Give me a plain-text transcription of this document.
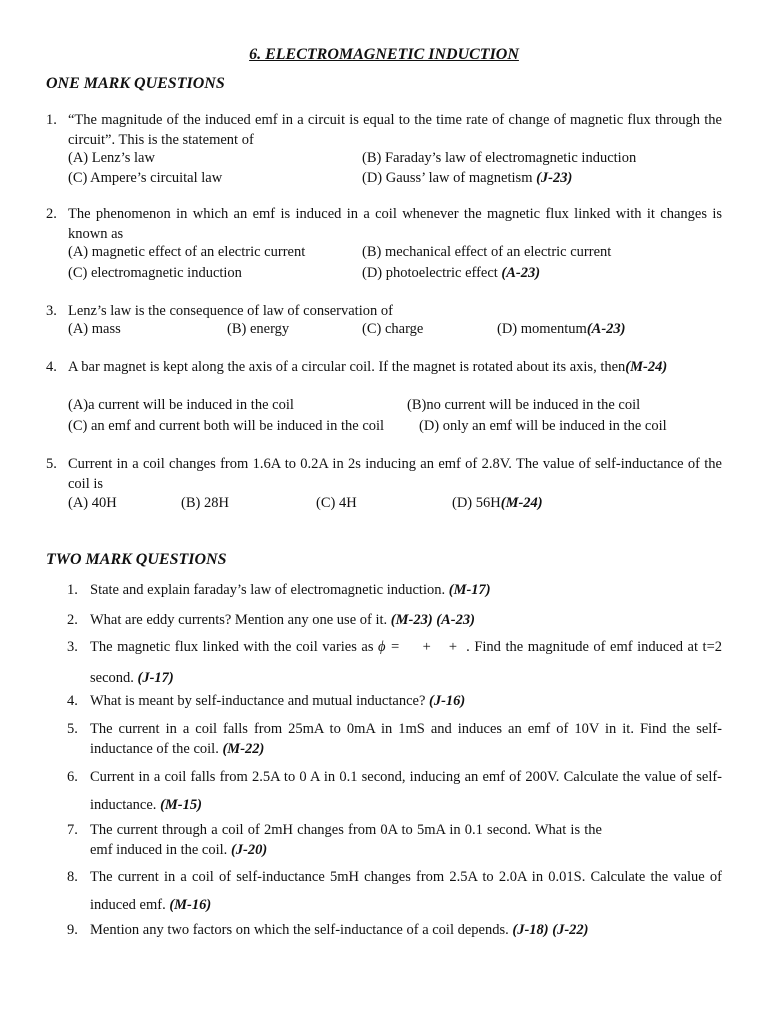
6. ELECTROMAGNETIC INDUCTION
ONE MARK QUESTIONS
1. “The magnitude of the induced emf in a circuit is equal to the time rate of change of magnetic flux through the circuit”. This is the statement of
(A) Lenz’s law	(B) Faraday’s law of electromagnetic induction
(C) Ampere’s circuital law	(D) Gauss’ law of magnetism (J-23)
2. The phenomenon in which an emf is induced in a coil whenever the magnetic flux linked with it changes is known as
(A) magnetic effect of an electric current	(B) mechanical effect of an electric current
(C) electromagnetic induction	(D) photoelectric effect (A-23)
3. Lenz’s law is the consequence of law of conservation of
(A) mass	(B) energy	(C) charge	(D) momentum(A-23)
4. A bar magnet is kept along the axis of a circular coil. If the magnet is rotated about its axis, then(M-24)
(A)a current will be induced in the coil	(B)no current will be induced in the coil
(C) an emf and current both will be induced in the coil (D) only an emf will be induced in the coil
5. Current in a coil changes from 1.6A to 0.2A in 2s inducing an emf of 2.8V. The value of self-inductance of the coil is
(A) 40H	(B) 28H	(C) 4H	(D) 56H(M-24)
TWO MARK QUESTIONS
1. State and explain faraday’s law of electromagnetic induction. (M-17)
2. What are eddy currents? Mention any one use of it. (M-23) (A-23)
3. The magnetic flux linked with the coil varies as ϕ = + + . Find the magnitude of emf induced at t=2 second. (J-17)
4. What is meant by self-inductance and mutual inductance? (J-16)
5. The current in a coil falls from 25mA to 0mA in 1mS and induces an emf of 10V in it. Find the self-inductance of the coil. (M-22)
6. Current in a coil falls from 2.5A to 0 A in 0.1 second, inducing an emf of 200V. Calculate the value of self-inductance. (M-15)
7. The current through a coil of 2mH changes from 0A to 5mA in 0.1 second. What is the emf induced in the coil. (J-20)
8. The current in a coil of self-inductance 5mH changes from 2.5A to 2.0A in 0.01S. Calculate the value of induced emf. (M-16)
9. Mention any two factors on which the self-inductance of a coil depends. (J-18) (J-22)
